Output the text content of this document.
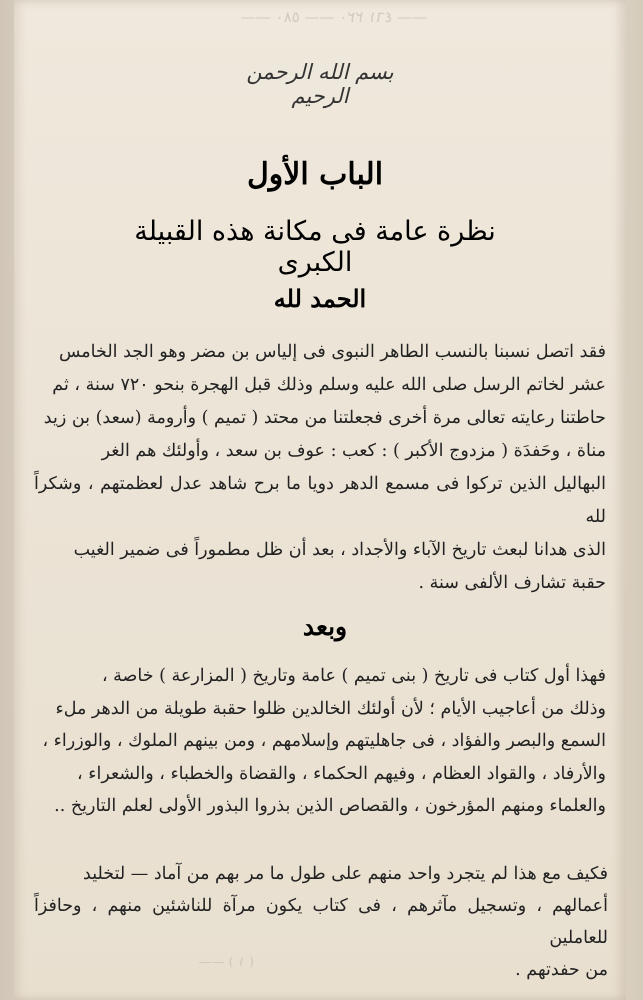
—— ٥٨٠ —— ٢٢٠ ٤٦١ ——
( ١ ) ——
بسم الله الرحمن الرحيم
الباب الأول
نظرة عامة فى مكانة هذه القبيلة الكبرى
الحمد لله
فقد اتصل نسبنا بالنسب الطاهر النبوى فى إلياس بن مضر وهو الجد الخامس
عشر لخاتم الرسل صلى الله عليه وسلم وذلك قبل الهجرة بنحو ٧٢٠ سنة ، ثم
حاطتنا رعايته تعالى مرة أخرى فجعلتنا من محتد ( تميم ) وأرومة (سعد) بن زيد
مناة ، وحَفدَة ( مزدوج الأكبر ) : كعب : عوف بن سعد ، وأولئك هم الغر
البهاليل الذين تركوا فى مسمع الدهر دويا ما برح شاهد عدل لعظمتهم ، وشكراً لله
الذى هدانا لبعث تاريخ الآباء والأجداد ، بعد أن ظل مطموراً فى ضمير الغيب
حقبة تشارف الألفى سنة .
وبعد
فهذا أول كتاب فى تاريخ ( بنى تميم ) عامة وتاريخ ( المزارعة ) خاصة ،
وذلك من أعاجيب الأيام ؛ لأن أولئك الخالدين ظلوا حقبة طويلة من الدهر ملء
السمع والبصر والفؤاد ، فى جاهليتهم وإسلامهم ، ومن بينهم الملوك ، والوزراء ،
والأرفاد ، والقواد العظام ، وفيهم الحكماء ، والقضاة والخطباء ، والشعراء ،
والعلماء ومنهم المؤرخون ، والقصاص الذين بذروا البذور الأولى لعلم التاريخ ..
فكيف مع هذا لم يتجرد واحد منهم على طول ما مر بهم من آماد — لتخليد
أعمالهم ، وتسجيل مآثرهم ، فى كتاب يكون مرآة للناشئين منهم ، وحافزاً للعاملين
من حفدتهم .
